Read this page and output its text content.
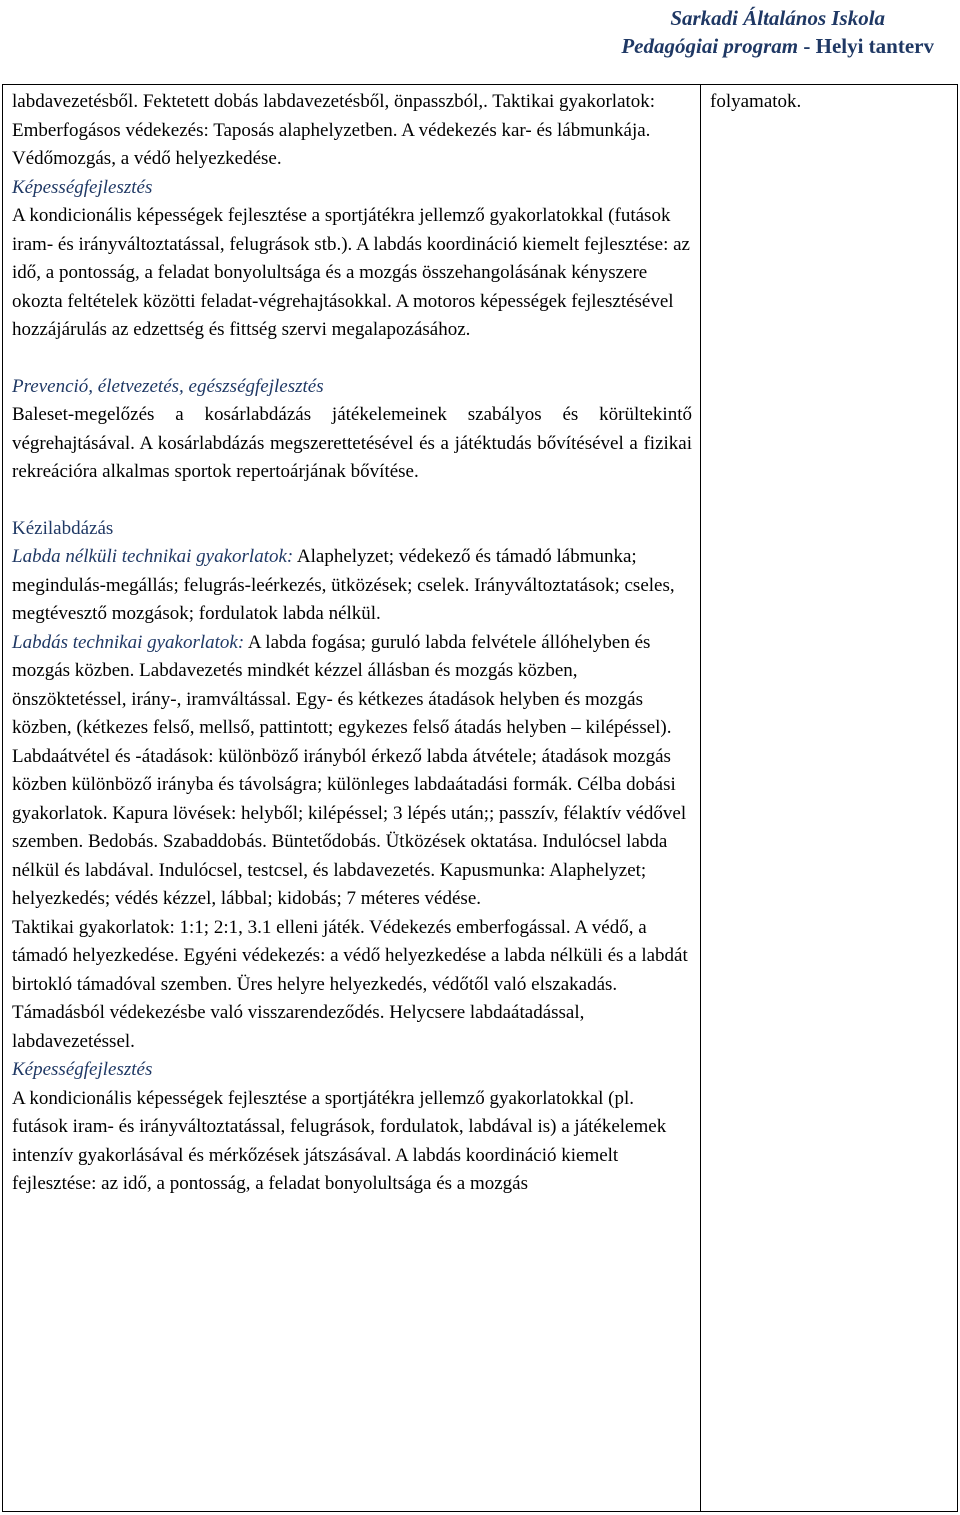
Sarkadi Általános Iskola
Pedagógiai program - Helyi tanterv

labdavezetésből. Fektetett dobás labdavezetésből, önpasszból,. Taktikai gyakorlatok: Emberfogásos védekezés: Taposás alaphelyzetben. A védekezés kar- és lábmunkája. Védőmozgás, a védő helyezkedése.

Képességfejlesztés

A kondicionális képességek fejlesztése a sportjátékra jellemző gyakorlatokkal (futások iram- és irányváltoztatással, felugrások stb.). A labdás koordináció kiemelt fejlesztése: az idő, a pontosság, a feladat bonyolultsága és a mozgás összehangolásának kényszere okozta feltételek közötti feladat-végrehajtásokkal. A motoros képességek fejlesztésével hozzájárulás az edzettség és fittség szervi megalapozásához.

Prevenció, életvezetés, egészségfejlesztés

Baleset-megelőzés a kosárlabdázás játékelemeinek szabályos és körültekintő végrehajtásával. A kosárlabdázás megszerettetésével és a játéktudás bővítésével a fizikai rekreációra alkalmas sportok repertoárjának bővítése.

Kézilabdázás

Labda nélküli technikai gyakorlatok: Alaphelyzet; védekező és támadó lábmunka; megindulás-megállás; felugrás-leérkezés, ütközések; cselek. Irányváltoztatások; cseles, megtévesztő mozgások; fordulatok labda nélkül.

Labdás technikai gyakorlatok: A labda fogása; guruló labda felvétele állóhelyben és mozgás közben. Labdavezetés mindkét kézzel állásban és mozgás közben, önszöktetéssel, irány-, iramváltással. Egy- és kétkezes átadások helyben és mozgás közben, (kétkezes felső, mellső, pattintott; egykezes felső átadás helyben – kilépéssel). Labdaátvétel és -átadások: különböző irányból érkező labda átvétele; átadások mozgás közben különböző irányba és távolságra; különleges labdaátadási formák. Célba dobási gyakorlatok. Kapura lövések: helyből; kilépéssel; 3 lépés után;; passzív, félaktív védővel szemben. Bedobás. Szabaddobás. Büntetődobás. Ütközések oktatása. Indulócsel labda nélkül és labdával. Indulócsel, testcsel, és labdavezetés. Kapusmunka: Alaphelyzet; helyezkedés; védés kézzel, lábbal; kidobás; 7 méteres védése.

Taktikai gyakorlatok: 1:1; 2:1, 3.1 elleni játék. Védekezés emberfogással. A védő, a támadó helyezkedése. Egyéni védekezés: a védő helyezkedése a labda nélküli és a labdát birtokló támadóval szemben. Üres helyre helyezkedés, védőtől való elszakadás. Támadásból védekezésbe való visszarendeződés. Helycsere labdaátadással, labdavezetéssel.

Képességfejlesztés

A kondicionális képességek fejlesztése a sportjátékra jellemző gyakorlatokkal (pl. futások iram- és irányváltoztatással, felugrások, fordulatok, labdával is) a játékelemek intenzív gyakorlásával és mérkőzések játszásával. A labdás koordináció kiemelt fejlesztése: az idő, a pontosság, a feladat bonyolultsága és a mozgás

folyamatok.
